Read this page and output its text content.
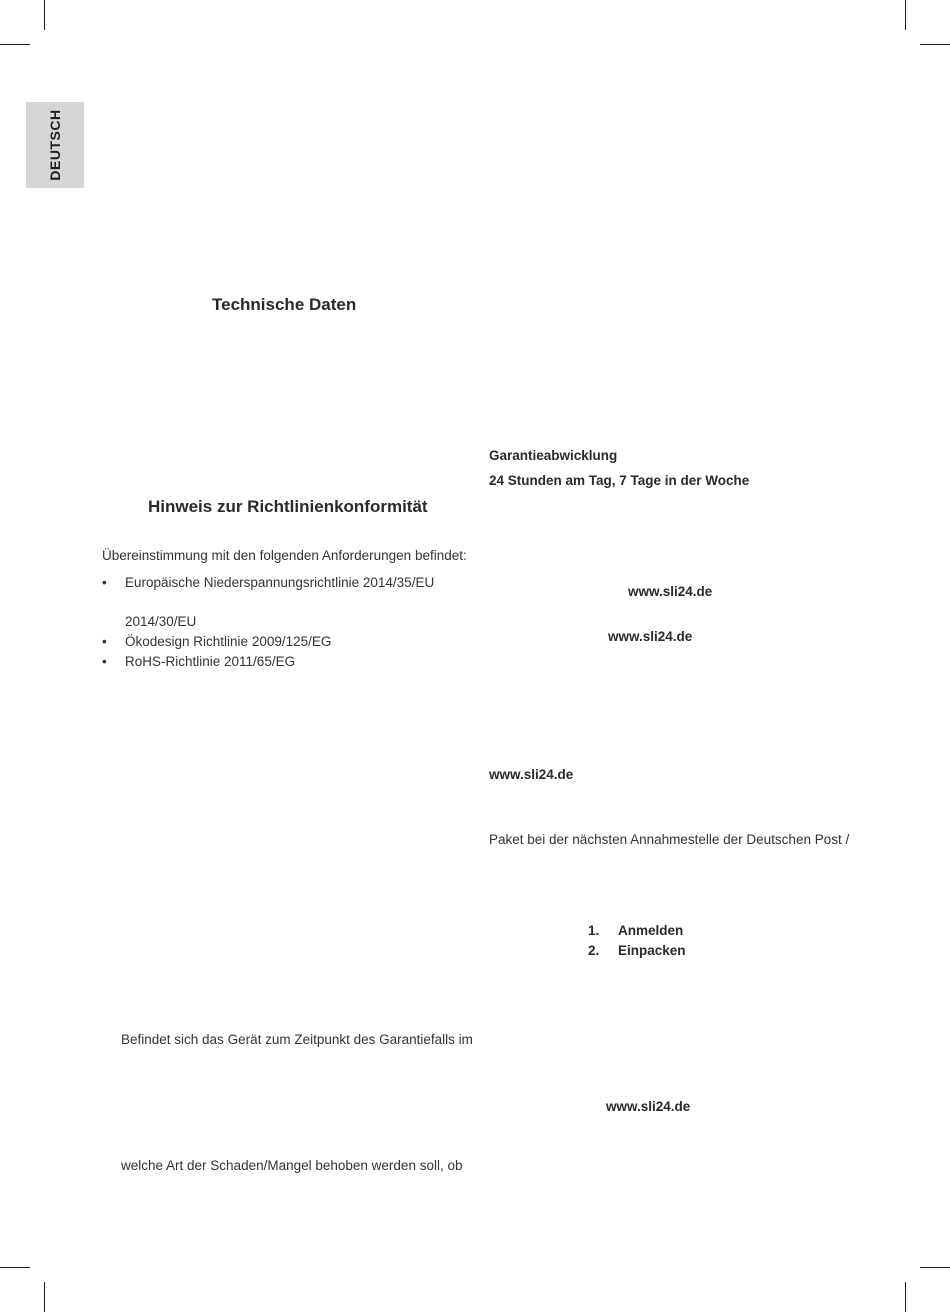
DEUTSCH
Technische Daten
Hinweis zur Richtlinienkonformität
Übereinstimmung mit den folgenden Anforderungen befindet:
• Europäische Niederspannungsrichtlinie 2014/35/EU
2014/30/EU
• Ökodesign Richtlinie 2009/125/EG
• RoHS-Richtlinie 2011/65/EG
Befindet sich das Gerät zum Zeitpunkt des Garantiefalls im
welche Art der Schaden/Mangel behoben werden soll, ob
Garantieabwicklung
24 Stunden am Tag, 7 Tage in der Woche
www.sli24.de
www.sli24.de
www.sli24.de
Paket bei der nächsten Annahmestelle der Deutschen Post /
1. Anmelden
2. Einpacken
www.sli24.de
